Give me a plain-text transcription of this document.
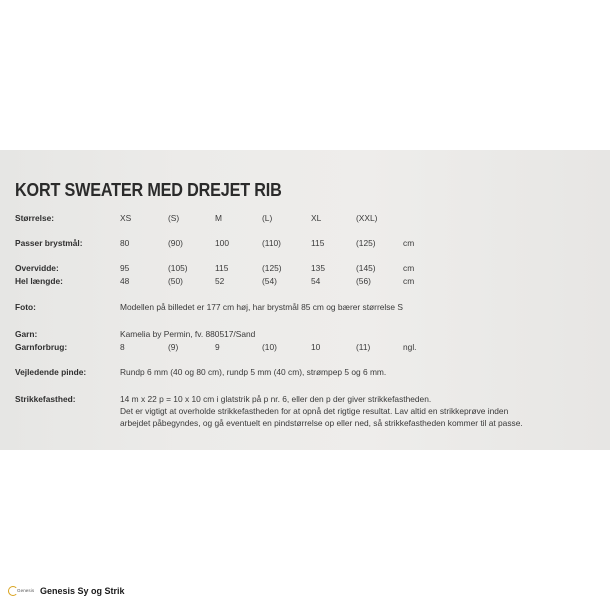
KORT SWEATER MED DREJET RIB
Størrelse:	XS	(S)	M	(L)	XL	(XXL)
Passer brystmål:	80	(90)	100	(110)	115	(125)	cm
Overvidde:	95	(105)	115	(125)	135	(145)	cm
Hel længde:	48	(50)	52	(54)	54	(56)	cm
Foto:	Modellen på billedet er 177 cm høj, har brystmål 85 cm og bærer størrelse S
Garn:	Kamelia by Permin, fv. 880517/Sand
Garnforbrug:	8	(9)	9	(10)	10	(11)	ngl.
Vejledende pinde:	Rundp 6 mm (40 og 80 cm), rundp 5 mm (40 cm), strømpep 5 og 6 mm.
Strikkefasthed:	14 m x 22 p = 10 x 10 cm i glatstrik på p nr. 6, eller den p der giver strikkefastheden.
Det er vigtigt at overholde strikkefastheden for at opnå det rigtige resultat. Lav altid en strikkeprøve inden
arbejdet påbegyndes, og gå eventuelt en pindstørrelse op eller ned, så strikkefastheden kommer til at passe.
Genesis Genesis Sy og Strik
